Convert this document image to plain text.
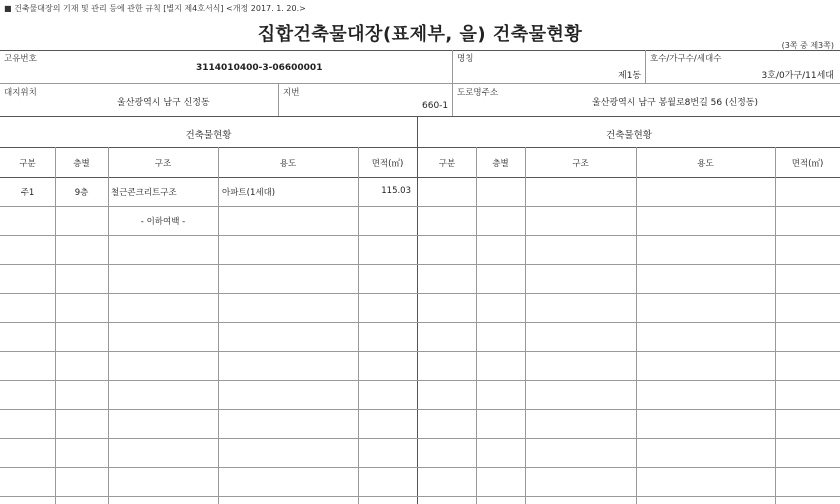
■ 건축물대장의 기재 및 관리 등에 관한 규칙 [별지 제4호서식] <개정 2017. 1. 20.>
집합건축물대장(표제부, 을) 건축물현황
(3쪽 중 제3쪽)
고유번호
3114010400-3-06600001
명칭
제1동
호수/가구수/세대수
3호/0가구/11세대
대지위치
울산광역시 남구 신정동
지번
660-1
도로명주소
울산광역시 남구 봉월로8번길 56 (신정동)
건축물현황	건축물현황
구분	층별	구조	용도	면적(㎡)	구분	층별	구조	용도	면적(㎡)
주1	9층	철근콘크리트구조	아파트(1세대)	115.03
- 이하여백 -
